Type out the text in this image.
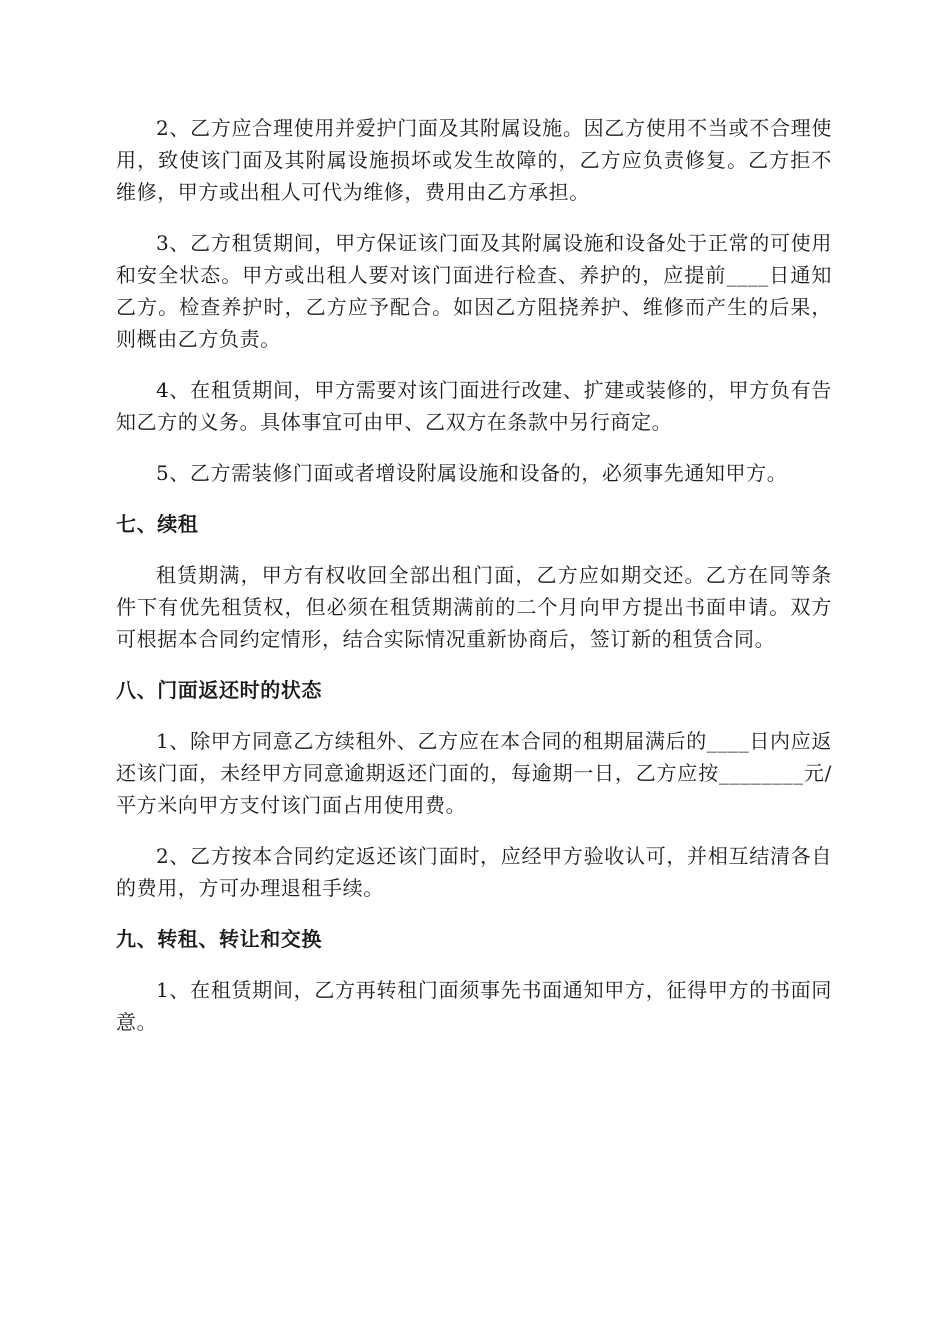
2、乙方应合理使用并爱护门面及其附属设施。因乙方使用不当或不合理使用，致使该门面及其附属设施损坏或发生故障的，乙方应负责修复。乙方拒不维修，甲方或出租人可代为维修，费用由乙方承担。

3、乙方租赁期间，甲方保证该门面及其附属设施和设备处于正常的可使用和安全状态。甲方或出租人要对该门面进行检查、养护的，应提前____日通知乙方。检查养护时，乙方应予配合。如因乙方阻挠养护、维修而产生的后果，则概由乙方负责。

4、在租赁期间，甲方需要对该门面进行改建、扩建或装修的，甲方负有告知乙方的义务。具体事宜可由甲、乙双方在条款中另行商定。

5、乙方需装修门面或者增设附属设施和设备的，必须事先通知甲方。

七、续租

租赁期满，甲方有权收回全部出租门面，乙方应如期交还。乙方在同等条件下有优先租赁权，但必须在租赁期满前的二个月向甲方提出书面申请。双方可根据本合同约定情形，结合实际情况重新协商后，签订新的租赁合同。

八、门面返还时的状态

1、除甲方同意乙方续租外、乙方应在本合同的租期届满后的____日内应返还该门面，未经甲方同意逾期返还门面的，每逾期一日，乙方应按________元/平方米向甲方支付该门面占用使用费。

2、乙方按本合同约定返还该门面时，应经甲方验收认可，并相互结清各自的费用，方可办理退租手续。

九、转租、转让和交换

1、在租赁期间，乙方再转租门面须事先书面通知甲方，征得甲方的书面同意。
